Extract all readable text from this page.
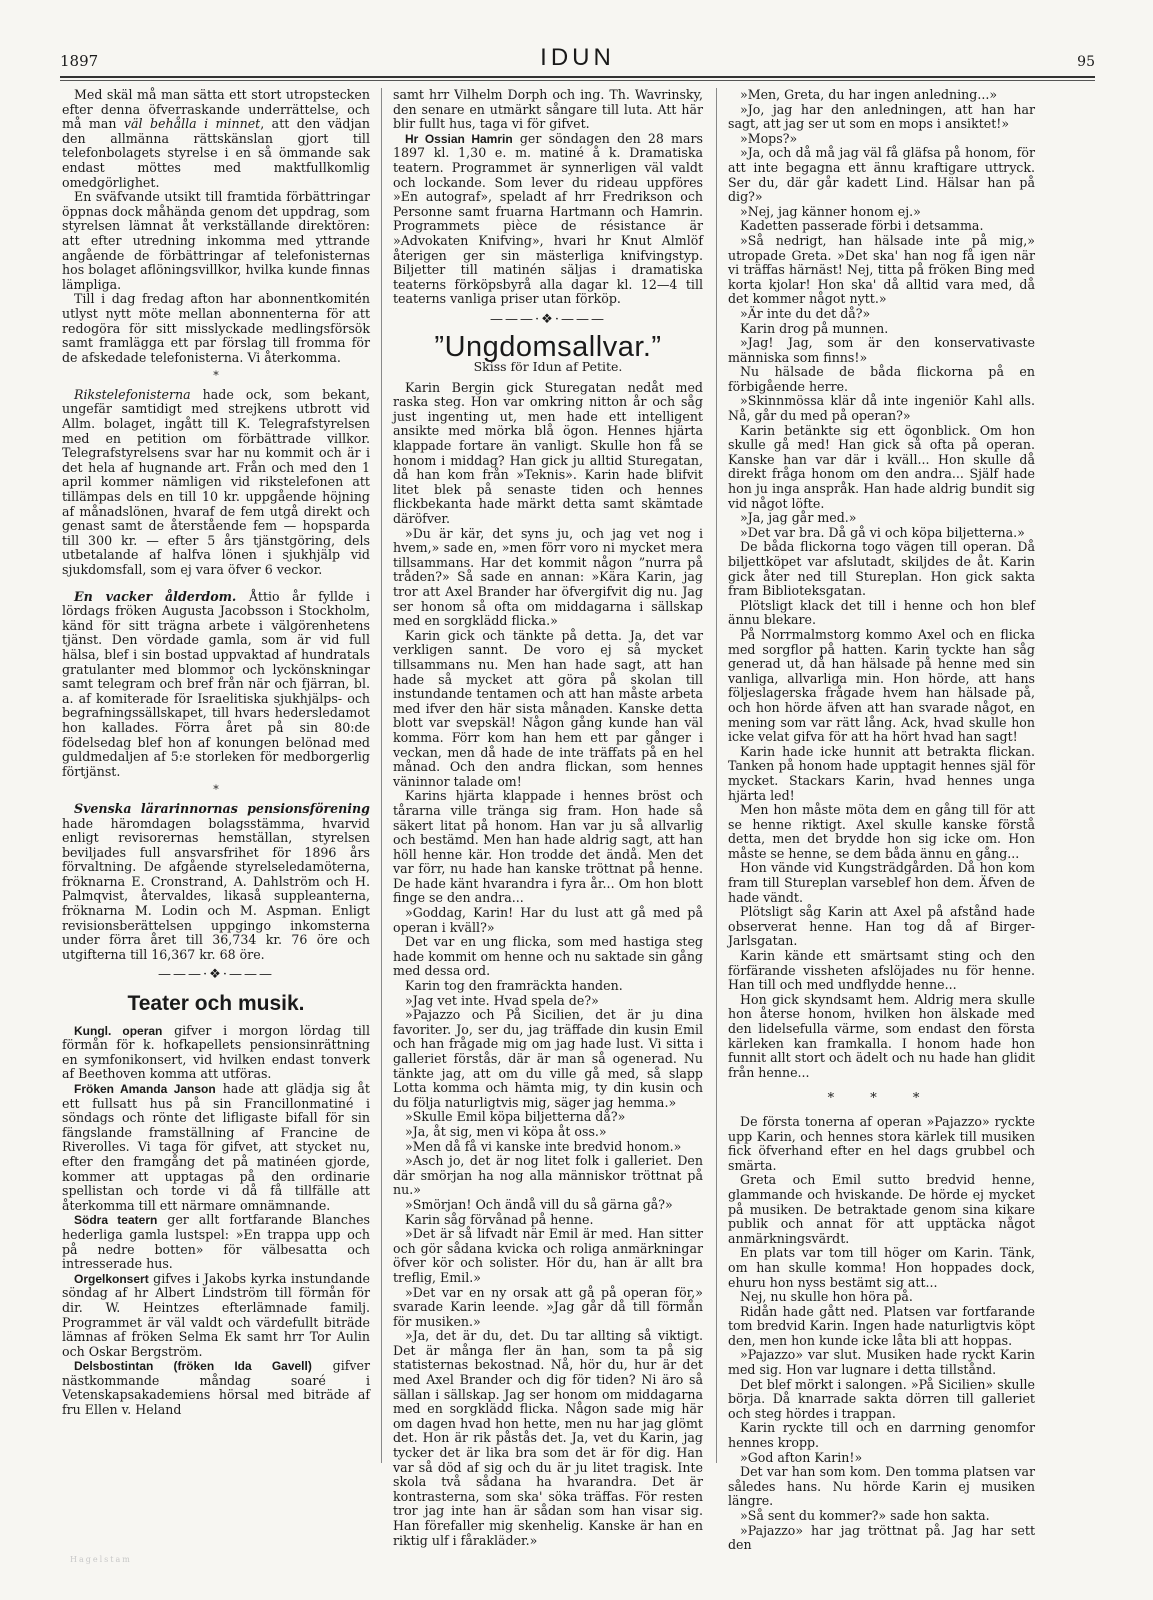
1897	IDUN	95

Med skäl må man sätta ett stort utropstecken efter denna öfverraskande underrättelse, och må man väl behålla i minnet, att den vädjan den allmänna rättskänslan gjort till telefonbolagets styrelse i en så ömmande sak endast möttes med maktfullkomlig omedgörlighet.

En sväfvande utsikt till framtida förbättringar öppnas dock måhända genom det uppdrag, som styrelsen lämnat åt verkställande direktören: att efter utredning inkomma med yttrande angående de förbättringar af telefonisternas hos bolaget aflöningsvillkor, hvilka kunde finnas lämpliga.

Till i dag fredag afton har abonnentkomitén utlyst nytt möte mellan abonnenterna för att redogöra för sitt misslyckade medlingsförsök samt framlägga ett par förslag till fromma för de afskedade telefonisterna. Vi återkomma.

*

Rikstelefonisterna hade ock, som bekant, ungefär samtidigt med strejkens utbrott vid Allm. bolaget, ingått till K. Telegrafstyrelsen med en petition om förbättrade villkor. Telegrafstyrelsens svar har nu kommit och är i det hela af hugnande art. Från och med den 1 april kommer nämligen vid rikstelefonen att tillämpas dels en till 10 kr. uppgående höjning af månadslönen, hvaraf de fem utgå direkt och genast samt de återstående fem — hopsparda till 300 kr. — efter 5 års tjänstgöring, dels utbetalande af halfva lönen i sjukhjälp vid sjukdomsfall, som ej vara öfver 6 veckor.

En vacker ålderdom. Åttio år fyllde i lördags fröken Augusta Jacobsson i Stockholm, känd för sitt trägna arbete i välgörenhetens tjänst. Den vördade gamla, som är vid full hälsa, blef i sin bostad uppvaktad af hundratals gratulanter med blommor och lyckönskningar samt telegram och bref från när och fjärran, bl. a. af komiterade för Israelitiska sjukhjälps- och begrafningssällskapet, till hvars hedersledamot hon kallades. Förra året på sin 80:de födelsedag blef hon af konungen belönad med guldmedaljen af 5:e storleken för medborgerlig förtjänst.

*

Svenska lärarinnornas pensionsförening hade häromdagen bolagsstämma, hvarvid enligt revisorernas hemställan, styrelsen beviljades full ansvarsfrihet för 1896 års förvaltning. De afgående styrelseledamöterna, fröknarna E. Cronstrand, A. Dahlström och H. Palmqvist, återvaldes, likaså suppleanterna, fröknarna M. Lodin och M. Aspman. Enligt revisionsberättelsen uppgingo inkomsterna under förra året till 36,734 kr. 76 öre och utgifterna till 16,367 kr. 68 öre.

———·❖·———
Teater och musik.

Kungl. operan gifver i morgon lördag till förmån för k. hofkapellets pensionsinrättning en symfonikonsert, vid hvilken endast tonverk af Beethoven komma att utföras.

Fröken Amanda Janson hade att glädja sig åt ett fullsatt hus på sin Francillonmatiné i söndags och rönte det lifligaste bifall för sin fängslande framställning af Francine de Riverolles. Vi taga för gifvet, att stycket nu, efter den framgång det på matinéen gjorde, kommer att upptagas på den ordinarie spellistan och torde vi då få tillfälle att återkomma till ett närmare omnämnande.

Södra teatern ger allt fortfarande Blanches hederliga gamla lustspel: »En trappa upp och på nedre botten» för välbesatta och intresserade hus.

Orgelkonsert gifves i Jakobs kyrka instundande söndag af hr Albert Lindström till förmån för dir. W. Heintzes efterlämnade familj. Programmet är väl valdt och värdefullt biträde lämnas af fröken Selma Ek samt hrr Tor Aulin och Oskar Bergström.

Delsbostintan (fröken Ida Gavell) gifver nästkommande måndag soaré i Vetenskapsakademiens hörsal med biträde af fru Ellen v. Heland

samt hrr Vilhelm Dorph och ing. Th. Wavrinsky, den senare en utmärkt sångare till luta. Att här blir fullt hus, taga vi för gifvet.

Hr Ossian Hamrin ger söndagen den 28 mars 1897 kl. 1,30 e. m. matiné å k. Dramatiska teatern. Programmet är synnerligen väl valdt och lockande. Som lever du rideau uppföres »En autograf», speladt af hrr Fredrikson och Personne samt fruarna Hartmann och Hamrin. Programmets pièce de résistance är »Advokaten Knifving», hvari hr Knut Almlöf återigen ger sin mästerliga knifvingstyp. Biljetter till matinén säljas i dramatiska teaterns förköpsbyrå alla dagar kl. 12—4 till teaterns vanliga priser utan förköp.

———·❖·———
”Ungdomsallvar.”
Skiss för Idun af Petite.

Karin Bergin gick Sturegatan nedåt med raska steg. Hon var omkring nitton år och såg just ingenting ut, men hade ett intelligent ansikte med mörka blå ögon. Hennes hjärta klappade fortare än vanligt. Skulle hon få se honom i middag? Han gick ju alltid Sturegatan, då han kom från »Teknis». Karin hade blifvit litet blek på senaste tiden och hennes flickbekanta hade märkt detta samt skämtade däröfver.

»Du är kär, det syns ju, och jag vet nog i hvem,» sade en, »men förr voro ni mycket mera tillsammans. Har det kommit någon ”nurra på tråden?» Så sade en annan: »Kära Karin, jag tror att Axel Brander har öfvergifvit dig nu. Jag ser honom så ofta om middagarna i sällskap med en sorgklädd flicka.»

Karin gick och tänkte på detta. Ja, det var verkligen sannt. De voro ej så mycket tillsammans nu. Men han hade sagt, att han hade så mycket att göra på skolan till instundande tentamen och att han måste arbeta med ifver den här sista månaden. Kanske detta blott var svepskäl! Någon gång kunde han väl komma. Förr kom han hem ett par gånger i veckan, men då hade de inte träffats på en hel månad. Och den andra flickan, som hennes väninnor talade om!

Karins hjärta klappade i hennes bröst och tårarna ville tränga sig fram. Hon hade så säkert litat på honom. Han var ju så allvarlig och bestämd. Men han hade aldrig sagt, att han höll henne kär. Hon trodde det ändå. Men det var förr, nu hade han kanske tröttnat på henne. De hade känt hvarandra i fyra år... Om hon blott finge se den andra...

»Goddag, Karin! Har du lust att gå med på operan i kväll?»

Det var en ung flicka, som med hastiga steg hade kommit om henne och nu saktade sin gång med dessa ord.

Karin tog den framräckta handen.

»Jag vet inte. Hvad spela de?»

»Pajazzo och På Sicilien, det är ju dina favoriter. Jo, ser du, jag träffade din kusin Emil och han frågade mig om jag hade lust. Vi sitta i galleriet förstås, där är man så ogenerad. Nu tänkte jag, att om du ville gå med, så slapp Lotta komma och hämta mig, ty din kusin och du följa naturligtvis mig, säger jag hemma.»

»Skulle Emil köpa biljetterna då?»

»Ja, åt sig, men vi köpa åt oss.»

»Men då få vi kanske inte bredvid honom.»

»Asch jo, det är nog litet folk i galleriet. Den där smörjan ha nog alla människor tröttnat på nu.»

»Smörjan! Och ändå vill du så gärna gå?»

Karin såg förvånad på henne.

»Det är så lifvadt när Emil är med. Han sitter och gör sådana kvicka och roliga anmärkningar öfver kör och solister. Hör du, han är allt bra treflig, Emil.»

»Det var en ny orsak att gå på operan för,» svarade Karin leende. »Jag går då till förmån för musiken.»

»Ja, det är du, det. Du tar allting så viktigt. Det är många fler än han, som ta på sig statisternas bekostnad. Nå, hör du, hur är det med Axel Brander och dig för tiden? Ni äro så sällan i sällskap. Jag ser honom om middagarna med en sorgklädd flicka. Någon sade mig här om dagen hvad hon hette, men nu har jag glömt det. Hon är rik påstås det. Ja, vet du Karin, jag tycker det är lika bra som det är för dig. Han var så död af sig och du är ju litet tragisk. Inte skola två sådana ha hvarandra. Det är kontrasterna, som ska' söka träffas. För resten tror jag inte han är sådan som han visar sig. Han förefaller mig skenhelig. Kanske är han en riktig ulf i fårakläder.»

»Men, Greta, du har ingen anledning...»

»Jo, jag har den anledningen, att han har sagt, att jag ser ut som en mops i ansiktet!»

»Mops?»

»Ja, och då må jag väl få gläfsa på honom, för att inte begagna ett ännu kraftigare uttryck. Ser du, där går kadett Lind. Hälsar han på dig?»

»Nej, jag känner honom ej.»

Kadetten passerade förbi i detsamma.

»Så nedrigt, han hälsade inte på mig,» utropade Greta. »Det ska' han nog få igen när vi träffas härnäst! Nej, titta på fröken Bing med korta kjolar! Hon ska' då alltid vara med, då det kommer något nytt.»

»Är inte du det då?»

Karin drog på munnen.

»Jag! Jag, som är den konservativaste människa som finns!»

Nu hälsade de båda flickorna på en förbigående herre.

»Skinnmössa klär då inte ingeniör Kahl alls. Nå, går du med på operan?»

Karin betänkte sig ett ögonblick. Om hon skulle gå med! Han gick så ofta på operan. Kanske han var där i kväll... Hon skulle då direkt fråga honom om den andra... Själf hade hon ju inga anspråk. Han hade aldrig bundit sig vid något löfte.

»Ja, jag går med.»

»Det var bra. Då gå vi och köpa biljetterna.»

De båda flickorna togo vägen till operan. Då biljettköpet var afslutadt, skiljdes de åt. Karin gick åter ned till Stureplan. Hon gick sakta fram Biblioteksgatan.

Plötsligt klack det till i henne och hon blef ännu blekare.

På Norrmalmstorg kommo Axel och en flicka med sorgflor på hatten. Karin tyckte han såg generad ut, då han hälsade på henne med sin vanliga, allvarliga min. Hon hörde, att hans följeslagerska frågade hvem han hälsade på, och hon hörde äfven att han svarade något, en mening som var rätt lång. Ack, hvad skulle hon icke velat gifva för att ha hört hvad han sagt!

Karin hade icke hunnit att betrakta flickan. Tanken på honom hade upptagit hennes själ för mycket. Stackars Karin, hvad hennes unga hjärta led!

Men hon måste möta dem en gång till för att se henne riktigt. Axel skulle kanske förstå detta, men det brydde hon sig icke om. Hon måste se henne, se dem båda ännu en gång...

Hon vände vid Kungsträdgården. Då hon kom fram till Stureplan varseblef hon dem. Äfven de hade vändt.

Plötsligt såg Karin att Axel på afstånd hade observerat henne. Han tog då af Birger-Jarlsgatan.

Karin kände ett smärtsamt sting och den förfärande vissheten afslöjades nu för henne. Han till och med undflydde henne...

Hon gick skyndsamt hem. Aldrig mera skulle hon återse honom, hvilken hon älskade med den lidelsefulla värme, som endast den första kärleken kan framkalla. I honom hade hon funnit allt stort och ädelt och nu hade han glidit från henne...

* * *

De första tonerna af operan »Pajazzo» ryckte upp Karin, och hennes stora kärlek till musiken fick öfverhand efter en hel dags grubbel och smärta.

Greta och Emil sutto bredvid henne, glammande och hviskande. De hörde ej mycket på musiken. De betraktade genom sina kikare publik och annat för att upptäcka något anmärkningsvärdt.

En plats var tom till höger om Karin. Tänk, om han skulle komma! Hon hoppades dock, ehuru hon nyss bestämt sig att...

Nej, nu skulle hon höra på.

Ridån hade gått ned. Platsen var fortfarande tom bredvid Karin. Ingen hade naturligtvis köpt den, men hon kunde icke låta bli att hoppas.

»Pajazzo» var slut. Musiken hade ryckt Karin med sig. Hon var lugnare i detta tillstånd.

Det blef mörkt i salongen. »På Sicilien» skulle börja. Då knarrade sakta dörren till galleriet och steg hördes i trappan.

Karin ryckte till och en darrning genomfor hennes kropp.

»God afton Karin!»

Det var han som kom. Den tomma platsen var således hans. Nu hörde Karin ej musiken längre.

»Så sent du kommer?» sade hon sakta.

»Pajazzo» har jag tröttnat på. Jag har sett den

Hagelstam
